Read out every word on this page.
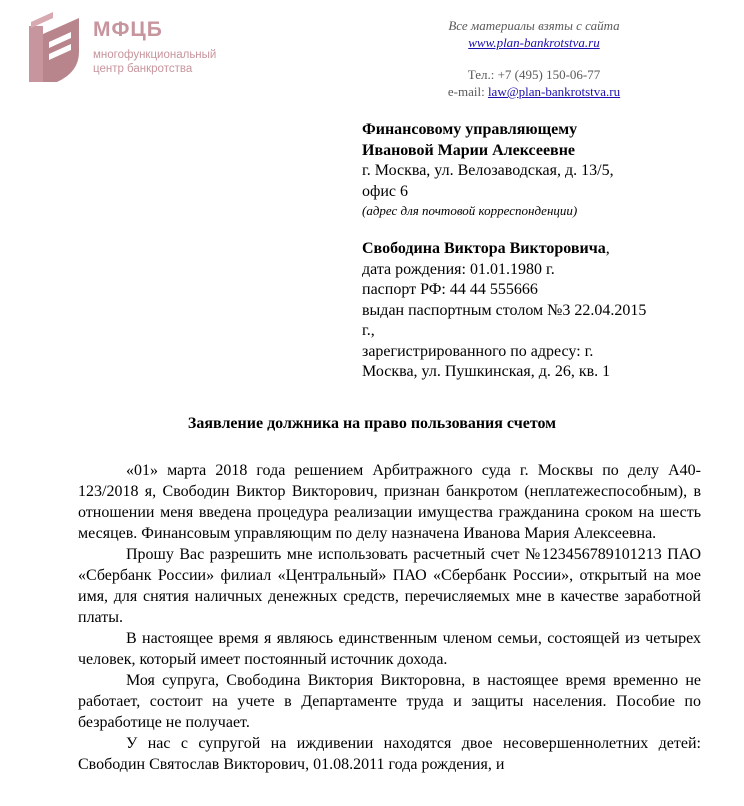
МФЦБ
многофункциональный
центр банкротства
Все материалы взяты с сайта
www.plan-bankrotstva.ru
Тел.: +7 (495) 150-06-77
e-mail: law@plan-bankrotstva.ru
Финансовому управляющему
Ивановой Марии Алексеевне
г. Москва, ул. Велозаводская, д. 13/5,
офис 6
(адрес для почтовой корреспонденции)
Свободина Виктора Викторовича,
дата рождения: 01.01.1980 г.
паспорт РФ: 44 44 555666
выдан паспортным столом №3 22.04.2015
г.,
зарегистрированного по адресу: г.
Москва, ул. Пушкинская, д. 26, кв. 1
Заявление должника на право пользования счетом

«01» марта 2018 года решением Арбитражного суда г. Москвы по делу А40-123/2018 я, Свободин Виктор Викторович, признан банкротом (неплатежеспособным), в отношении меня введена процедура реализации имущества гражданина сроком на шесть месяцев. Финансовым управляющим по делу назначена Иванова Мария Алексеевна.

Прошу Вас разрешить мне использовать расчетный счет №123456789101213 ПАО «Сбербанк России» филиал «Центральный» ПАО «Сбербанк России», открытый на мое имя, для снятия наличных денежных средств, перечисляемых мне в качестве заработной платы.

В настоящее время я являюсь единственным членом семьи, состоящей из четырех человек, который имеет постоянный источник дохода.

Моя супруга, Свободина Виктория Викторовна, в настоящее время временно не работает, состоит на учете в Департаменте труда и защиты населения. Пособие по безработице не получает.

У нас с супругой на иждивении находятся двое несовершеннолетних детей: Свободин Святослав Викторович, 01.08.2011 года рождения, и
